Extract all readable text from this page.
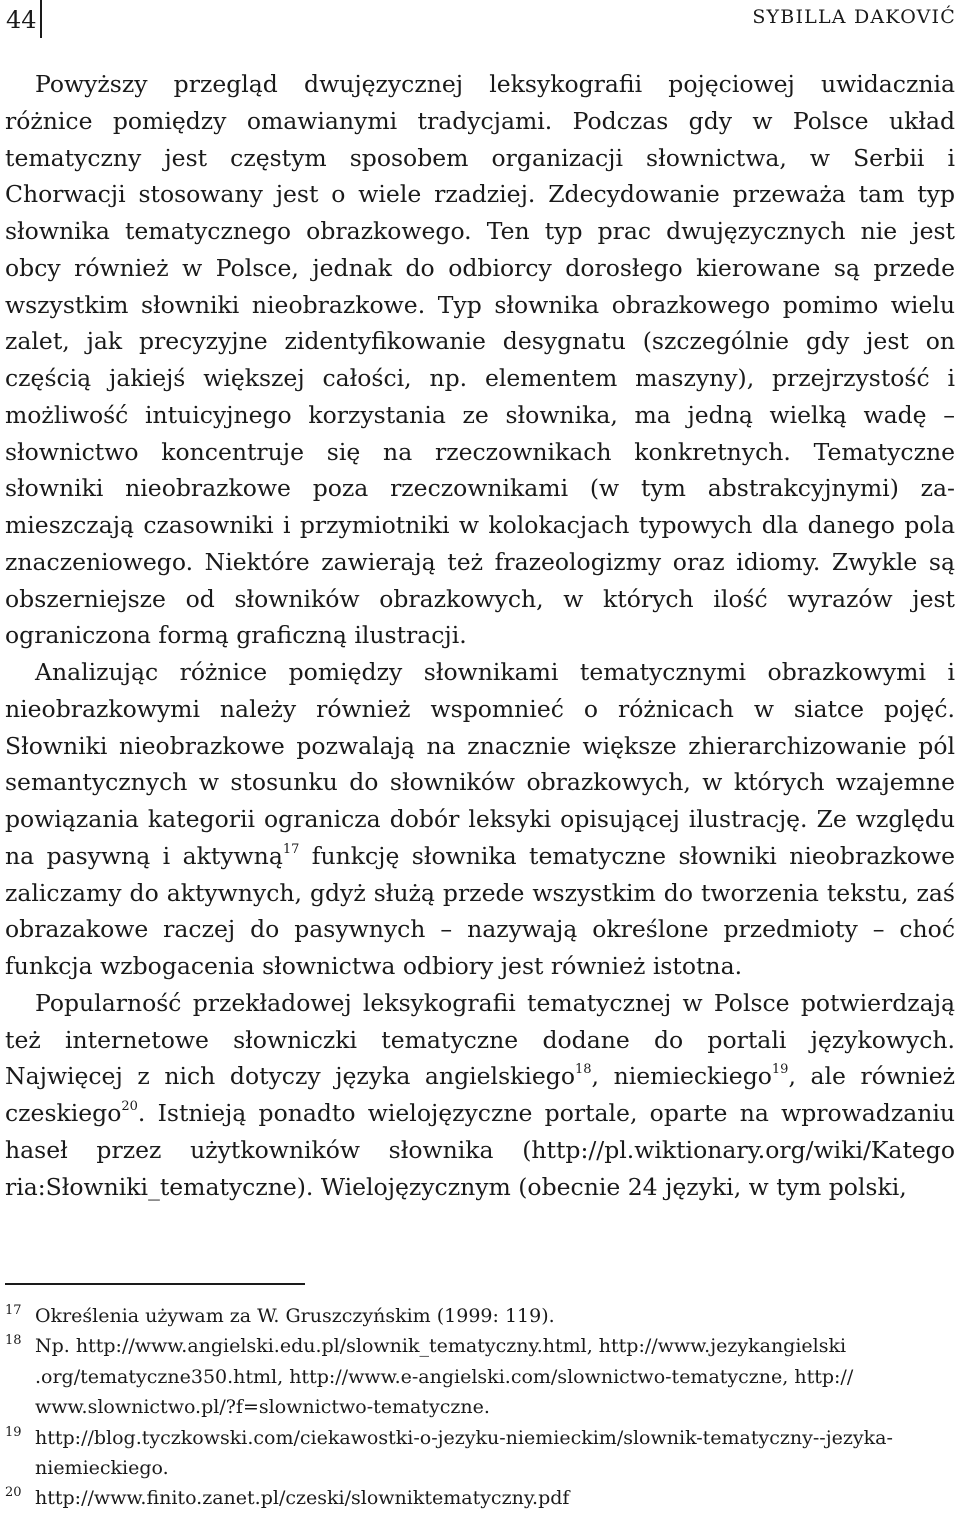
44	SYBILLA DAKOVIĆ

Powyższy przegląd dwujęzycznej leksykografii pojęciowej uwidacznia różnice pomiędzy omawianymi tradycjami. Podczas gdy w Polsce układ tematyczny jest częstym sposobem organizacji słownictwa, w Serbii i Chorwacji stosowany jest o wiele rzadziej. Zdecydowanie przeważa tam typ słownika tematycznego obrazkowego. Ten typ prac dwujęzycznych nie jest obcy również w Polsce, jednak do odbiorcy dorosłego kierowane są przede wszystkim słowniki nieobrazkowe. Typ słownika obrazkowego pomimo wielu zalet, jak precyzyjne zidentyfikowanie desygnatu (szczególnie gdy jest on częścią jakiejś większej całości, np. elementem maszyny), przejrzystość i możliwość intuicyjnego korzystania ze słownika, ma jedną wielką wadę – słownictwo koncentruje się na rzeczownikach konkretnych. Tematyczne słowniki nieobrazkowe poza rzeczownikami (w tym abstrakcyjnymi) zamieszczają czasowniki i przymiotniki w kolokacjach typowych dla danego pola znaczeniowego. Niektóre zawierają też frazeologizmy oraz idiomy. Zwykle są obszerniejsze od słowników obrazkowych, w których ilość wyrazów jest ograniczona formą graficzną ilustracji.

Analizując różnice pomiędzy słownikami tematycznymi obrazkowymi i nieobrazkowymi należy również wspomnieć o różnicach w siatce pojęć. Słowniki nieobrazkowe pozwalają na znacznie większe zhierarchizowanie pól semantycznych w stosunku do słowników obrazkowych, w których wzajemne powiązania kategorii ogranicza dobór leksyki opisującej ilustrację. Ze względu na pasywną i aktywną$^{17}$ funkcję słownika tematyczne słowniki nieobrazkowe zaliczamy do aktywnych, gdyż służą przede wszystkim do tworzenia tekstu, zaś obrazakowe raczej do pasywnych – nazywają określone przedmioty – choć funkcja wzbogacenia słownictwa odbiory jest również istotna.

Popularność przekładowej leksykografii tematycznej w Polsce potwierdzają też internetowe słowniczki tematyczne dodane do portali językowych. Najwięcej z nich dotyczy języka angielskiego$^{18}$, niemieckiego$^{19}$, ale również czeskiego$^{20}$. Istnieją ponadto wielojęzyczne portale, oparte na wprowadzaniu haseł przez użytkowników słownika (http://pl.wiktionary.org/wiki/Katego ria:Słowniki_tematyczne). Wielojęzycznym (obecnie 24 języki, w tym polski,

17 Określenia używam za W. Gruszczyńskim (1999: 119).
18 Np. http://www.angielski.edu.pl/slownik_tematyczny.html, http://www.jezykangielski .org/tematyczne350.html, http://www.e-angielski.com/slownictwo-tematyczne, http:// www.slownictwo.pl/?f=slownictwo-tematyczne.
19 http://blog.tyczkowski.com/ciekawostki-o-jezyku-niemieckim/slownik-tematyczny--jezyka-niemieckiego.
20 http://www.finito.zanet.pl/czeski/slowniktematyczny.pdf
